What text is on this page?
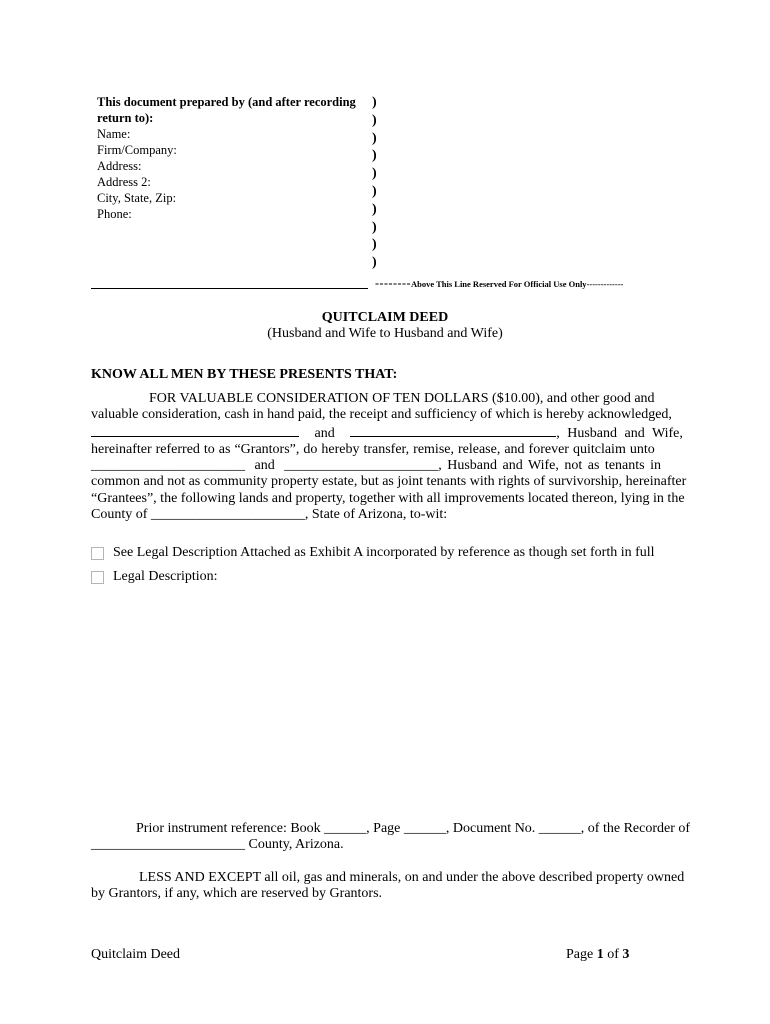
This document prepared by (and after recording
return to):
Name:
Firm/Company:
Address:
Address 2:
City, State, Zip:
Phone:
)
)
)
)
)
)
)
)
)
)
--------Above This Line Reserved For Official Use Only-------------
QUITCLAIM DEED
(Husband and Wife to Husband and Wife)
KNOW ALL MEN BY THESE PRESENTS THAT:
FOR VALUABLE CONSIDERATION OF TEN DOLLARS ($10.00), and other good and
valuable consideration, cash in hand paid, the receipt and sufficiency of which is hereby acknowledged,
and	, Husband and Wife,
hereinafter referred to as “Grantors”, do hereby transfer, remise, release, and forever quitclaim unto
______________________ and ______________________, Husband and Wife, not as tenants in
common and not as community property estate, but as joint tenants with rights of survivorship, hereinafter
“Grantees”, the following lands and property, together with all improvements located thereon, lying in the
County of ______________________, State of Arizona, to-wit:
See Legal Description Attached as Exhibit A incorporated by reference as though set forth in full
Legal Description:
Prior instrument reference: Book ______, Page ______, Document No. ______, of the Recorder of
______________________ County, Arizona.
LESS AND EXCEPT all oil, gas and minerals, on and under the above described property owned
by Grantors, if any, which are reserved by Grantors.
Quitclaim Deed	Page 1 of 3
